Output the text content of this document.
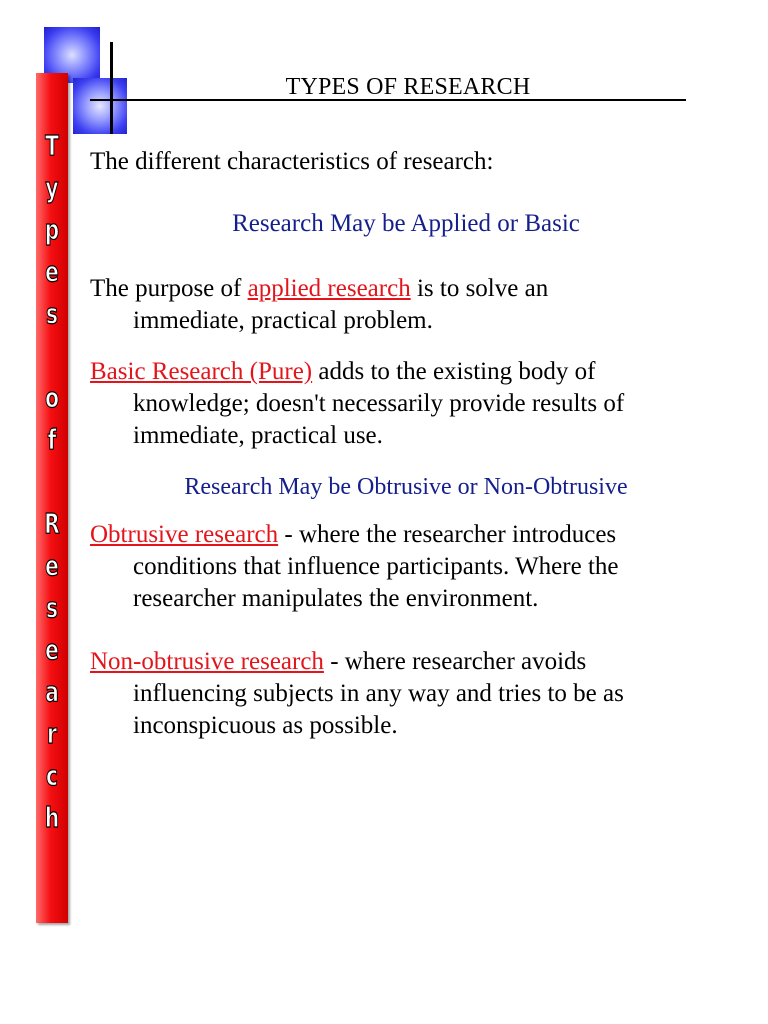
T
y
p
e
s
o
f
R
e
s
e
a
r
c
h
TYPES OF RESEARCH
The different characteristics of research:
Research May be Applied or Basic
The purpose of applied research is to solve an
immediate, practical problem.
Basic Research (Pure) adds to the existing body of
knowledge; doesn't necessarily provide results of
immediate, practical use.
Research May be Obtrusive or Non-Obtrusive
Obtrusive research - where the researcher introduces
conditions that influence participants. Where the
researcher manipulates the environment.
Non-obtrusive research - where researcher avoids
influencing subjects in any way and tries to be as
inconspicuous as possible.
